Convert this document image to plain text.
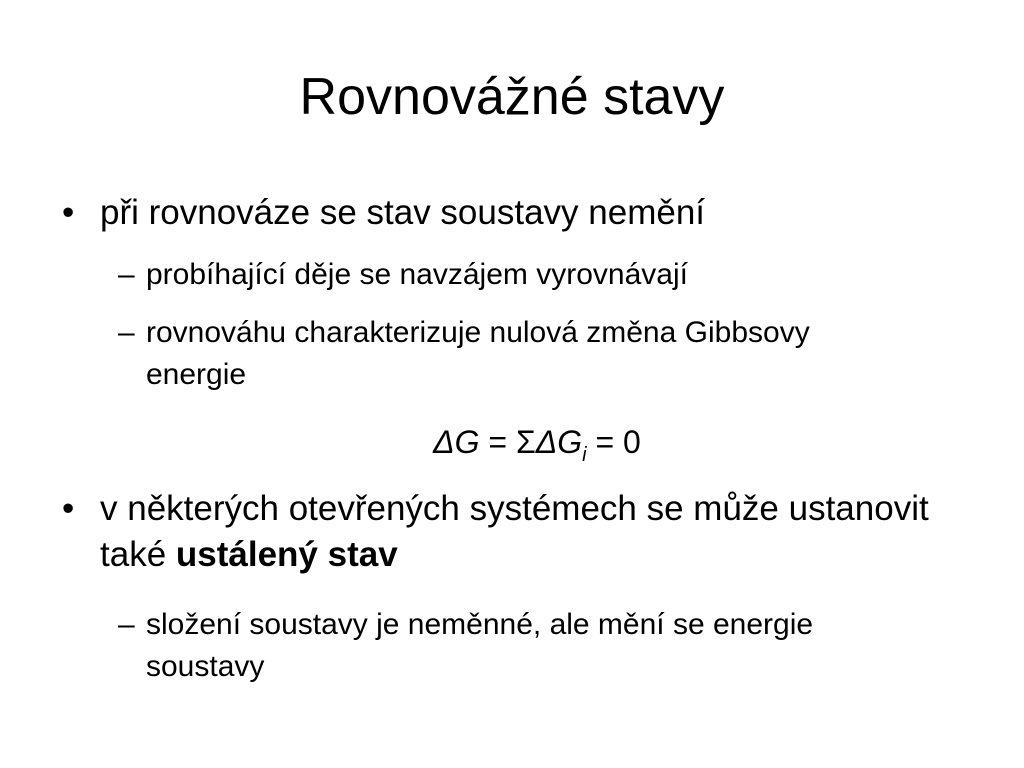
Rovnovážné stavy
• při rovnováze se stav soustavy nemění
– probíhající děje se navzájem vyrovnávají
– rovnováhu charakterizuje nulová změna Gibbsovy energie
$\Delta G = \Sigma\Delta G_i = 0$
• v některých otevřených systémech se může ustanovit také ustálený stav
– složení soustavy je neměnné, ale mění se energie soustavy
